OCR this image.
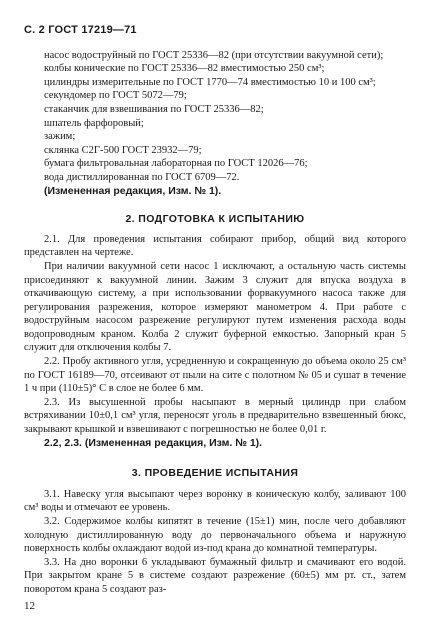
С. 2 ГОСТ 17219—71

насос водоструйный по ГОСТ 25336—82 (при отсутствии вакуумной сети);

колбы конические по ГОСТ 25336—82 вместимостью 250 см³;

цилиндры измерительные по ГОСТ 1770—74 вместимостью 10 и 100 см³;

секундомер по ГОСТ 5072—79;

стаканчик для взвешивания по ГОСТ 25336—82;

шпатель фарфоровый;

зажим;

склянка С2Г-500 ГОСТ 23932—79;

бумага фильтровальная лабораторная по ГОСТ 12026—76;

вода дистиллированная по ГОСТ 6709—72.

(Измененная редакция, Изм. № 1).

2. ПОДГОТОВКА К ИСПЫТАНИЮ

2.1. Для проведения испытания собирают прибор, общий вид которого представлен на чертеже.

При наличии вакуумной сети насос 1 исключают, а остальную часть системы присоединяют к вакуумной линии. Зажим 3 служит для впуска воздуха в откачивающую систему, а при использовании форвакуумного насоса также для регулирования разрежения, которое измеряют манометром 4. При работе с водоструйным насосом разрежение регулируют путем изменения расхода воды водопроводным краном. Колба 2 служит буферной емкостью. Запорный кран 5 служит для отключения колбы 7.

2.2. Пробу активного угля, усредненную и сокращенную до объема около 25 см³ по ГОСТ 16189—70, отсеивают от пыли на сите с полотном № 05 и сушат в течение 1 ч при (110±5)° С в слое не более 6 мм.

2.3. Из высушенной пробы насыпают в мерный цилиндр при слабом встряхивании 10±0,1 см³ угля, переносят уголь в предварительно взвешенный бюкс, закрывают крышкой и взвешивают с погрешностью не более 0,01 г.

2.2, 2.3. (Измененная редакция, Изм. № 1).

3. ПРОВЕДЕНИЕ ИСПЫТАНИЯ

3.1. Навеску угля высыпают через воронку в коническую колбу, заливают 100 см³ воды и отмечают ее уровень.

3.2. Содержимое колбы кипятят в течение (15±1) мин, после чего добавляют холодную дистиллированную воду до первоначального объема и наружную поверхность колбы охлаждают водой из-под крана до комнатной температуры.

3.3. На дно воронки 6 укладывают бумажный фильтр и смачивают его водой. При закрытом кране 5 в системе создают разрежение (60±5) мм рт. ст., затем поворотом крана 5 создают раз-

12
